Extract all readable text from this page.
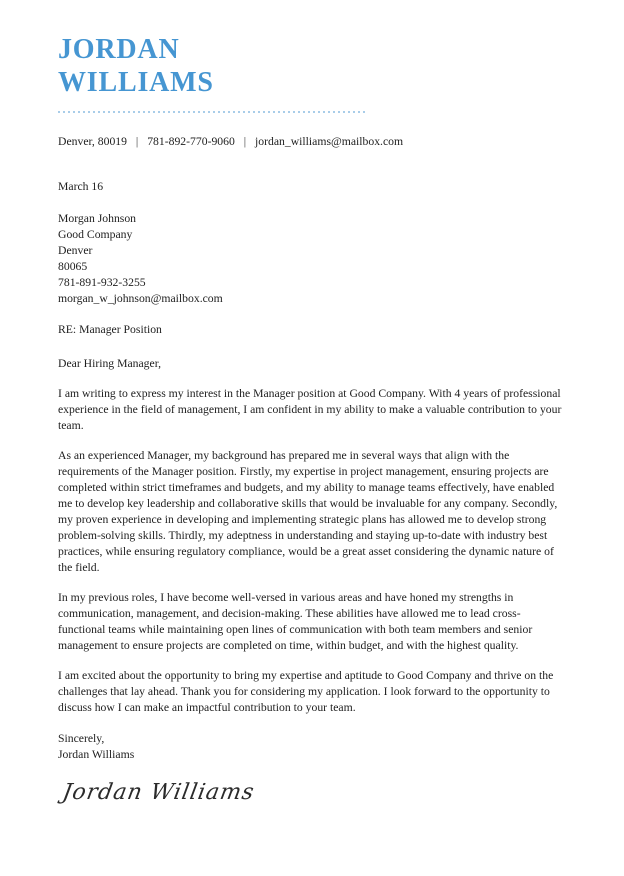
JORDAN
WILLIAMS
Denver, 80019 | 781-892-770-9060 | jordan_williams@mailbox.com

March 16

Morgan Johnson
Good Company
Denver
80065
781-891-932-3255
morgan_w_johnson@mailbox.com

RE: Manager Position

Dear Hiring Manager,

I am writing to express my interest in the Manager position at Good Company. With 4 years of professional experience in the field of management, I am confident in my ability to make a valuable contribution to your team.

As an experienced Manager, my background has prepared me in several ways that align with the requirements of the Manager position. Firstly, my expertise in project management, ensuring projects are completed within strict timeframes and budgets, and my ability to manage teams effectively, have enabled me to develop key leadership and collaborative skills that would be invaluable for any company. Secondly, my proven experience in developing and implementing strategic plans has allowed me to develop strong problem-solving skills. Thirdly, my adeptness in understanding and staying up-to-date with industry best practices, while ensuring regulatory compliance, would be a great asset considering the dynamic nature of the field.

In my previous roles, I have become well-versed in various areas and have honed my strengths in communication, management, and decision-making. These abilities have allowed me to lead cross-functional teams while maintaining open lines of communication with both team members and senior management to ensure projects are completed on time, within budget, and with the highest quality.

I am excited about the opportunity to bring my expertise and aptitude to Good Company and thrive on the challenges that lay ahead. Thank you for considering my application. I look forward to the opportunity to discuss how I can make an impactful contribution to your team.

Sincerely,
Jordan Williams
Jordan Williams
